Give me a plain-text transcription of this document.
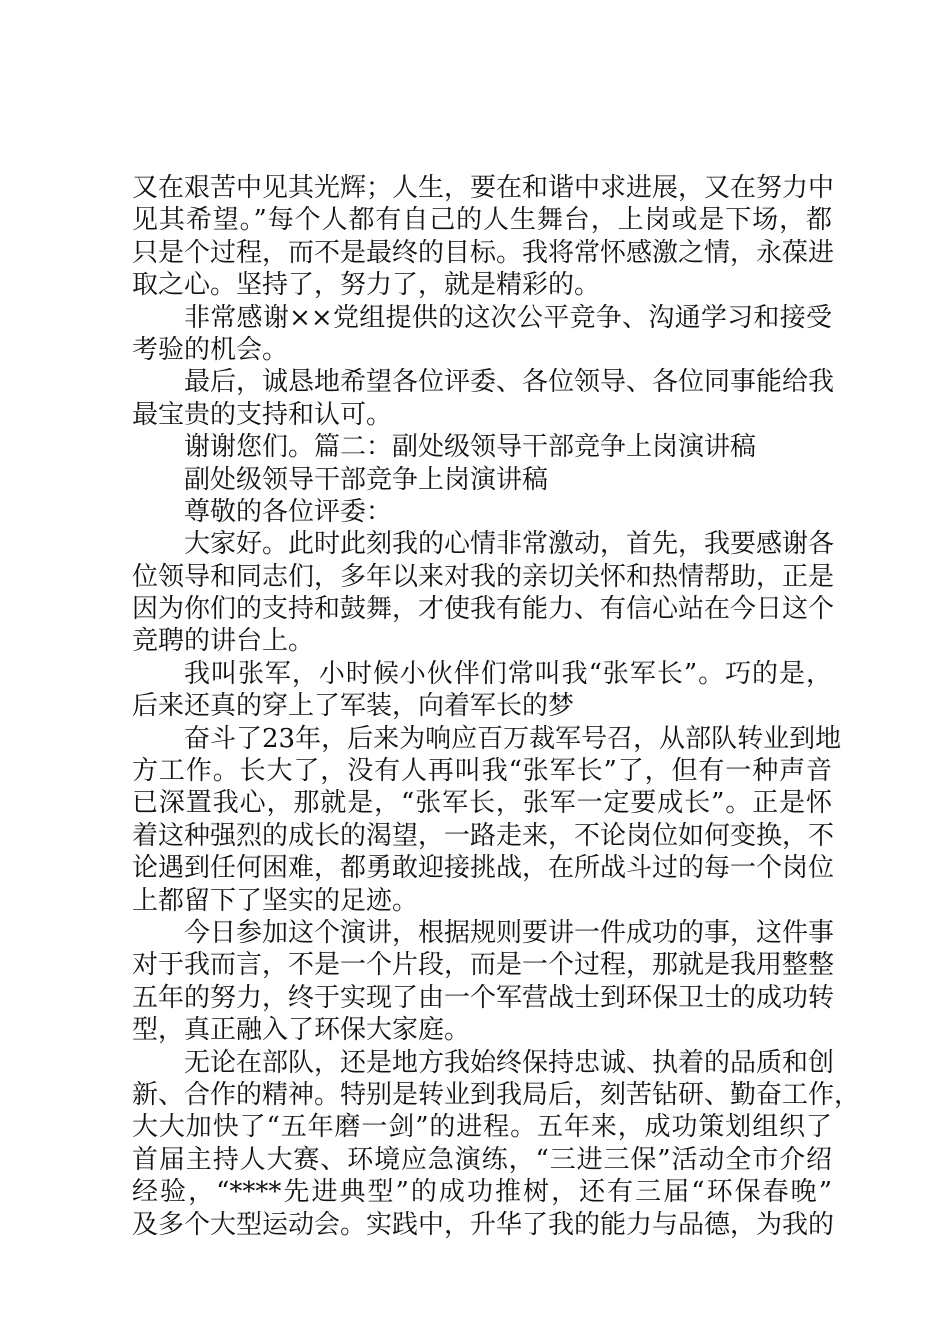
又在艰苦中见其光辉；人生，要在和谐中求进展，又在努力中
见其希望。”每个人都有自己的人生舞台，上岗或是下场，都
只是个过程，而不是最终的目标。我将常怀感激之情，永葆进
取之心。坚持了，努力了，就是精彩的。
非常感谢××党组提供的这次公平竞争、沟通学习和接受
考验的机会。
最后，诚恳地希望各位评委、各位领导、各位同事能给我
最宝贵的支持和认可。
谢谢您们。篇二：副处级领导干部竞争上岗演讲稿
副处级领导干部竞争上岗演讲稿
尊敬的各位评委：
大家好。此时此刻我的心情非常激动，首先，我要感谢各
位领导和同志们，多年以来对我的亲切关怀和热情帮助，正是
因为你们的支持和鼓舞，才使我有能力、有信心站在今日这个
竞聘的讲台上。
我叫张军，小时候小伙伴们常叫我“张军长”。巧的是，
后来还真的穿上了军装，向着军长的梦
奋斗了23年，后来为响应百万裁军号召，从部队转业到地
方工作。长大了，没有人再叫我“张军长”了，但有一种声音
已深置我心，那就是，“张军长，张军一定要成长”。正是怀
着这种强烈的成长的渴望，一路走来，不论岗位如何变换，不
论遇到任何困难，都勇敢迎接挑战，在所战斗过的每一个岗位
上都留下了坚实的足迹。
今日参加这个演讲，根据规则要讲一件成功的事，这件事
对于我而言，不是一个片段，而是一个过程，那就是我用整整
五年的努力，终于实现了由一个军营战士到环保卫士的成功转
型，真正融入了环保大家庭。
无论在部队，还是地方我始终保持忠诚、执着的品质和创
新、合作的精神。特别是转业到我局后，刻苦钻研、勤奋工作，
大大加快了“五年磨一剑”的进程。五年来，成功策划组织了
首届主持人大赛、环境应急演练，“三进三保”活动全市介绍
经验，“****先进典型”的成功推树，还有三届“环保春晚”
及多个大型运动会。实践中，升华了我的能力与品德，为我的
